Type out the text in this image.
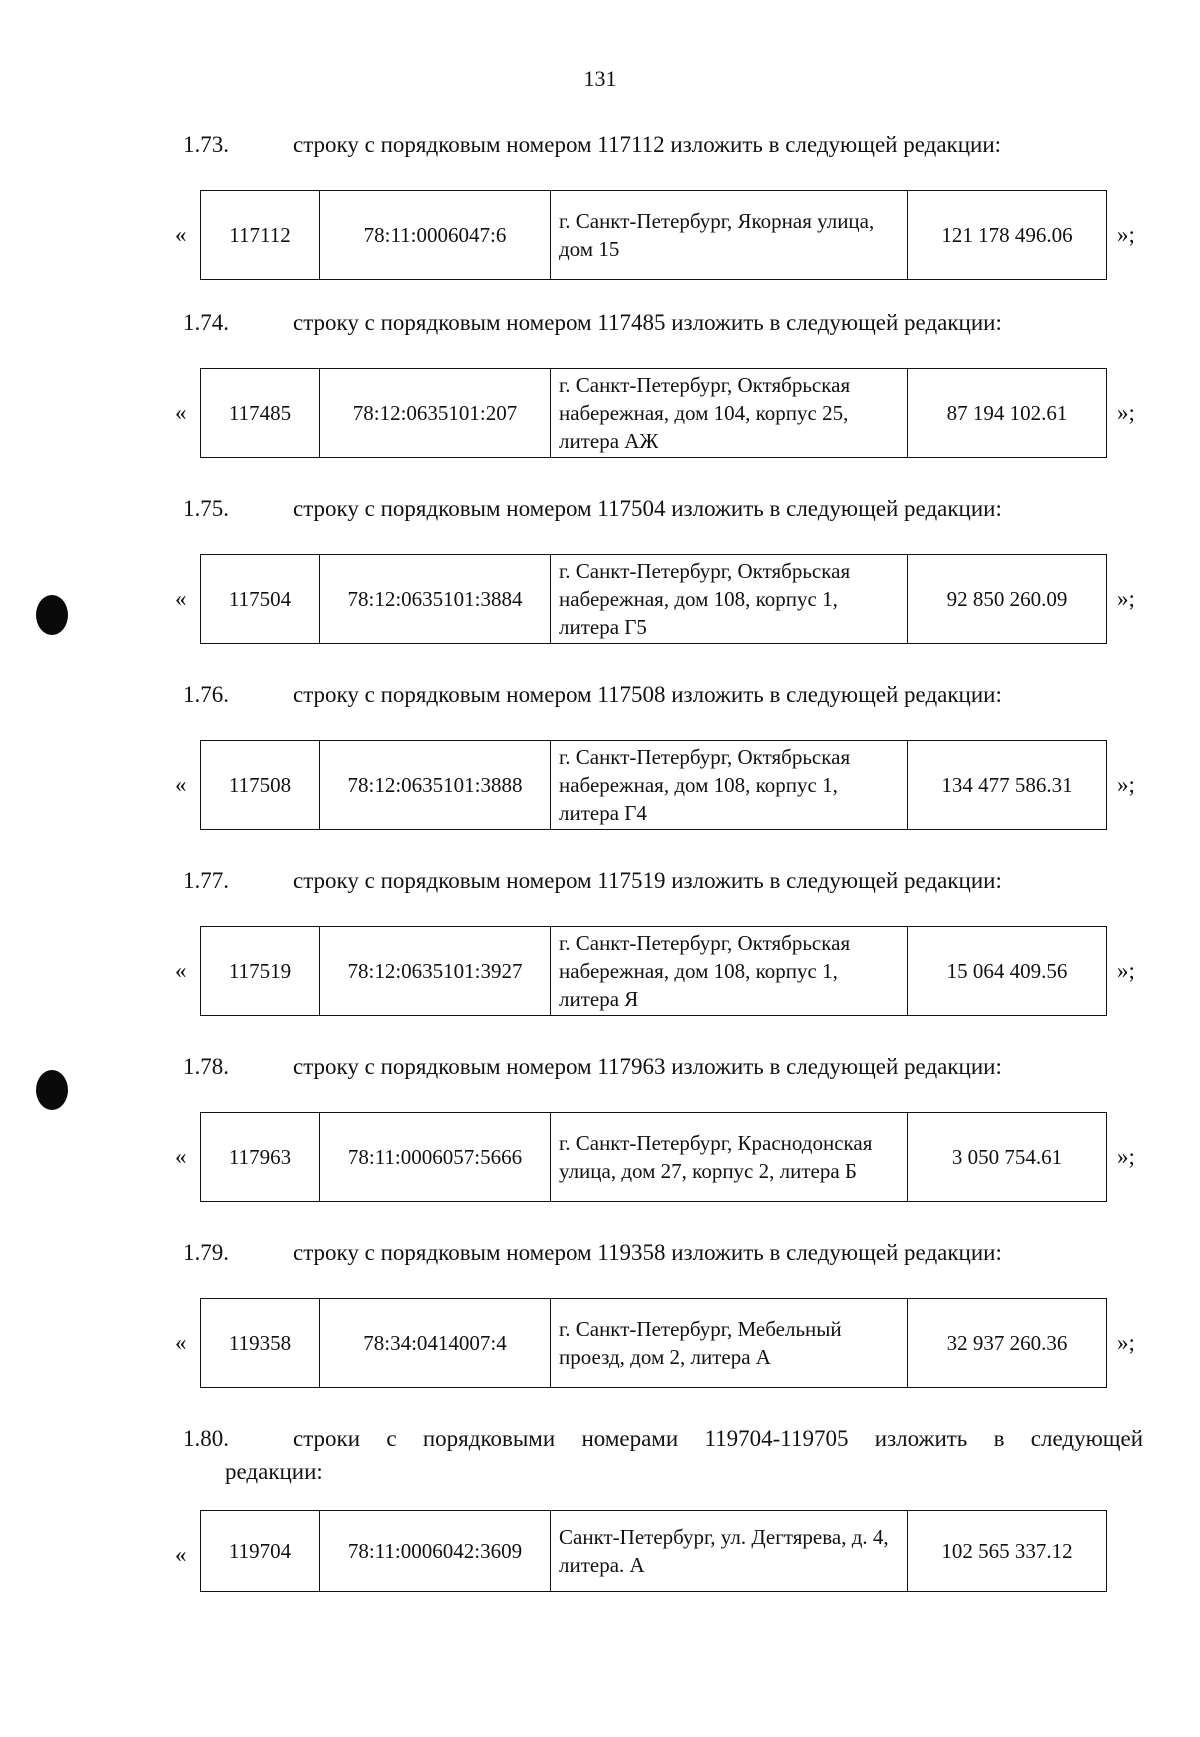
131
1.73.	строку с порядковым номером 117112 изложить в следующей редакции:
« 117112	78:11:0006047:6	г. Санкт-Петербург, Якорная улица, дом 15	121 178 496.06 »;
1.74.	строку с порядковым номером 117485 изложить в следующей редакции:
« 117485	78:12:0635101:207	г. Санкт-Петербург, Октябрьская набережная, дом 104, корпус 25, литера АЖ	87 194 102.61 »;
1.75.	строку с порядковым номером 117504 изложить в следующей редакции:
« 117504	78:12:0635101:3884	г. Санкт-Петербург, Октябрьская набережная, дом 108, корпус 1, литера Г5	92 850 260.09 »;
1.76.	строку с порядковым номером 117508 изложить в следующей редакции:
« 117508	78:12:0635101:3888	г. Санкт-Петербург, Октябрьская набережная, дом 108, корпус 1, литера Г4	134 477 586.31 »;
1.77.	строку с порядковым номером 117519 изложить в следующей редакции:
« 117519	78:12:0635101:3927	г. Санкт-Петербург, Октябрьская набережная, дом 108, корпус 1, литера Я	15 064 409.56 »;
1.78.	строку с порядковым номером 117963 изложить в следующей редакции:
« 117963	78:11:0006057:5666	г. Санкт-Петербург, Краснодонская улица, дом 27, корпус 2, литера Б	3 050 754.61 »;
1.79.	строку с порядковым номером 119358 изложить в следующей редакции:
« 119358	78:34:0414007:4	г. Санкт-Петербург, Мебельный проезд, дом 2, литера А	32 937 260.36 »;
1.80.	строки с порядковыми номерами 119704-119705 изложить в следующей
редакции:
« 119704	78:11:0006042:3609	Санкт-Петербург, ул. Дегтярева, д. 4, литера. А	102 565 337.12
